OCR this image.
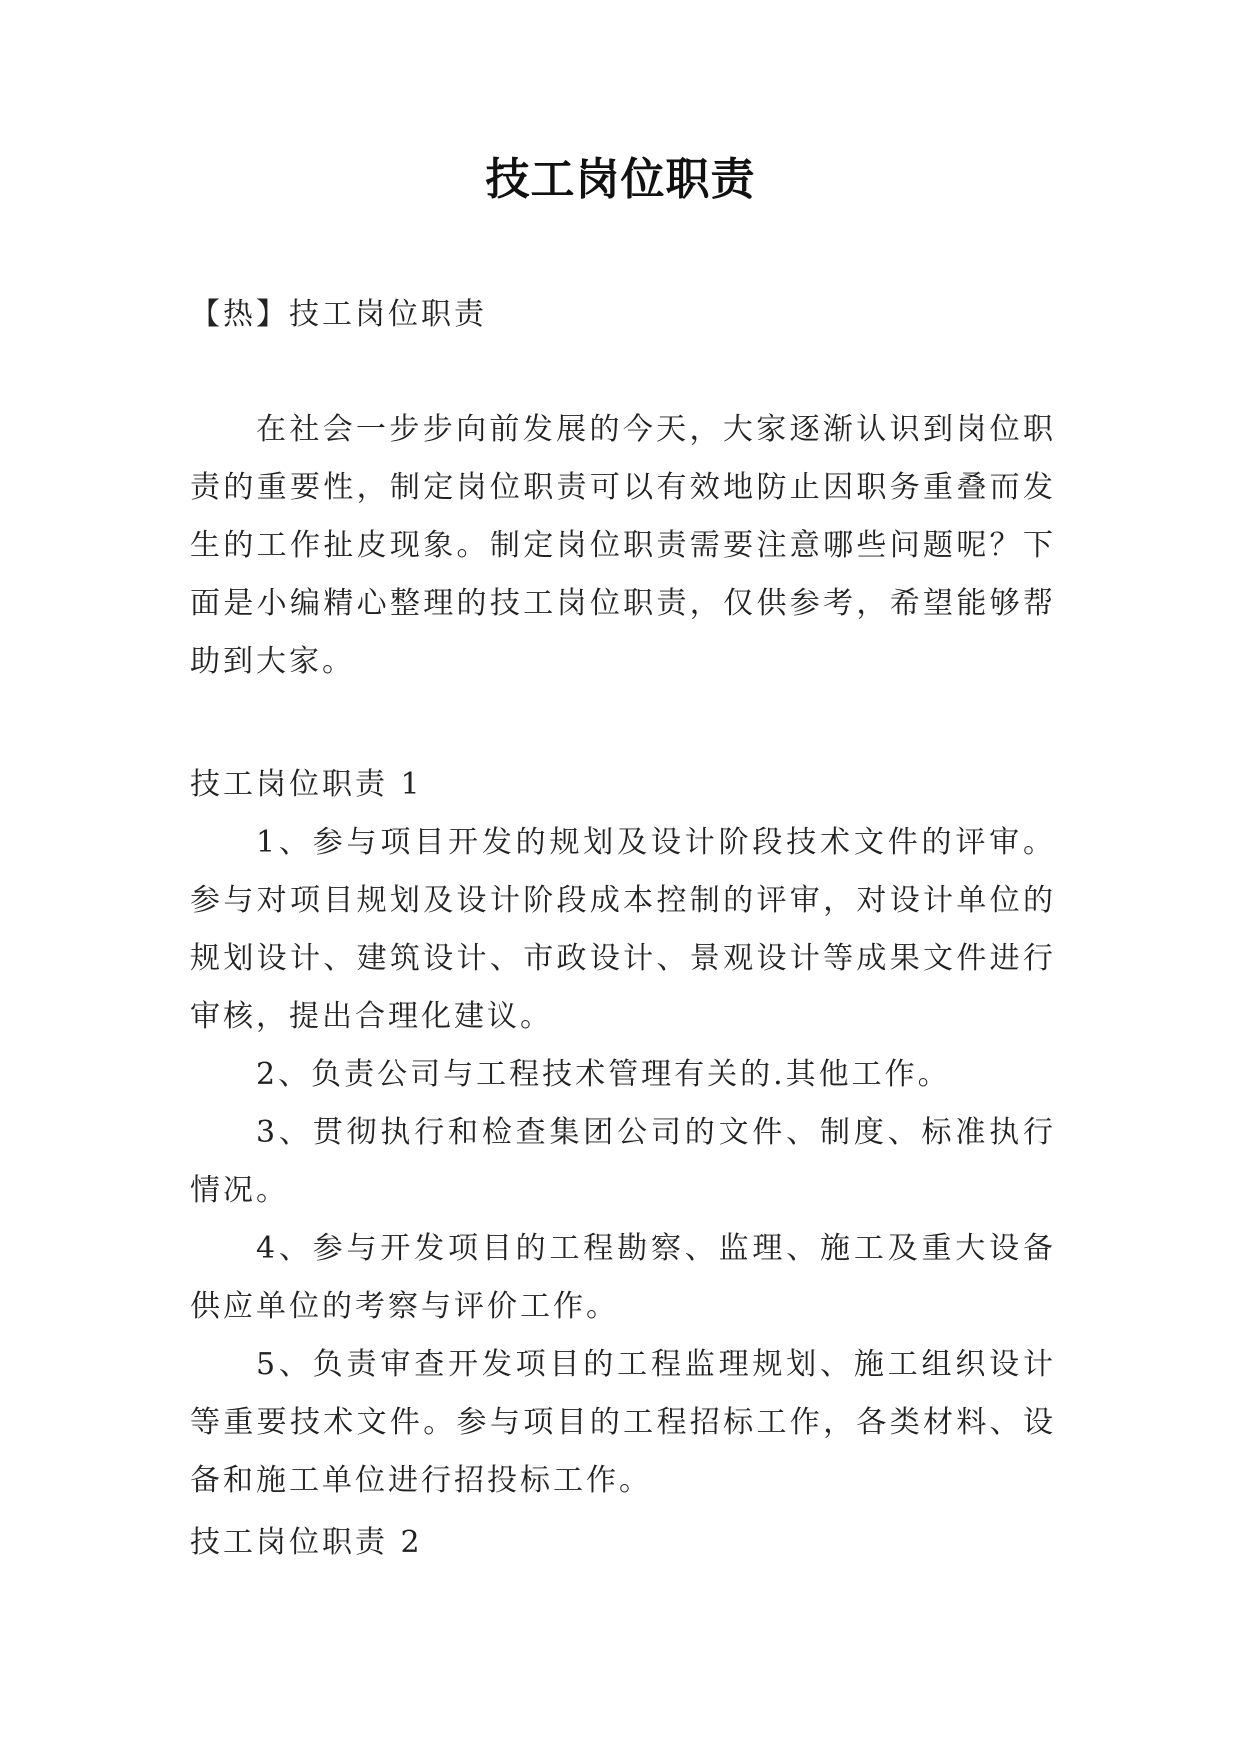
技工岗位职责
【热】技工岗位职责
在社会一步步向前发展的今天，大家逐渐认识到岗位职责的重要性，制定岗位职责可以有效地防止因职务重叠而发生的工作扯皮现象。制定岗位职责需要注意哪些问题呢？下面是小编精心整理的技工岗位职责，仅供参考，希望能够帮助到大家。
技工岗位职责 1

1、参与项目开发的规划及设计阶段技术文件的评审。参与对项目规划及设计阶段成本控制的评审，对设计单位的规划设计、建筑设计、市政设计、景观设计等成果文件进行审核，提出合理化建议。

2、负责公司与工程技术管理有关的.其他工作。

3、贯彻执行和检查集团公司的文件、制度、标准执行情况。

4、参与开发项目的工程勘察、监理、施工及重大设备供应单位的考察与评价工作。

5、负责审查开发项目的工程监理规划、施工组织设计等重要技术文件。参与项目的工程招标工作，各类材料、设备和施工单位进行招投标工作。

技工岗位职责 2
